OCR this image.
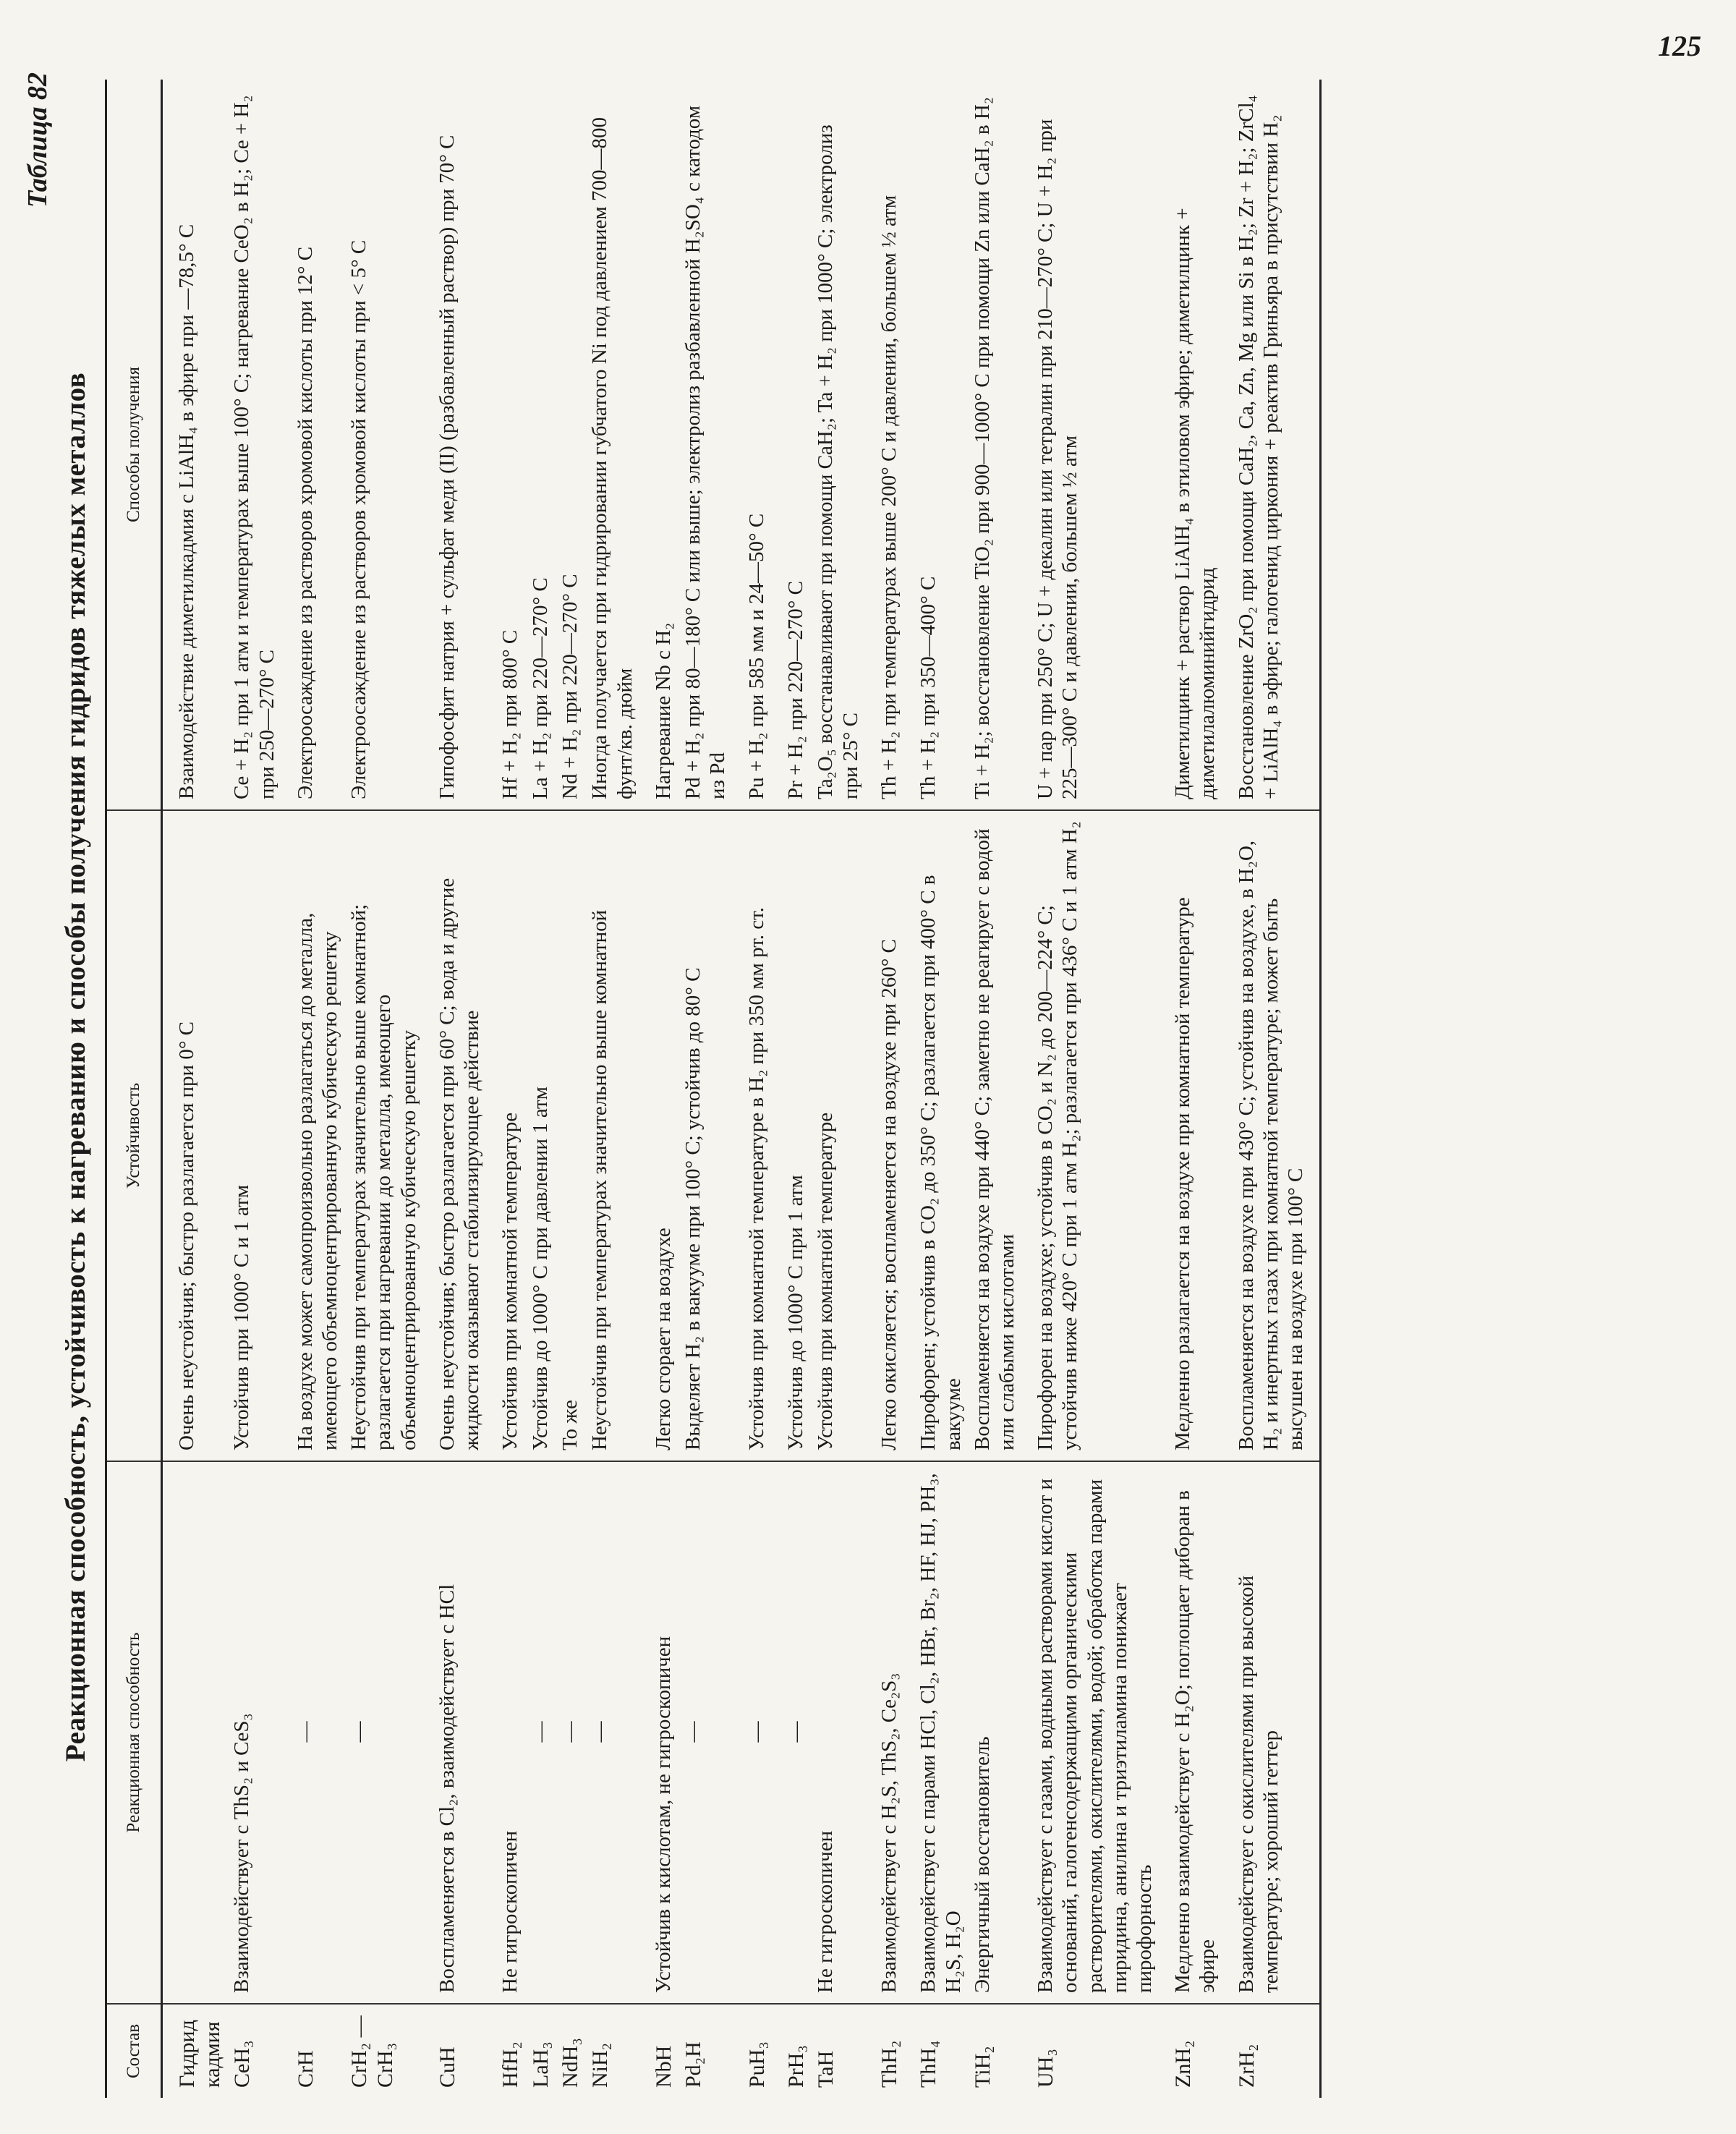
125
Таблица 82
Реакционная способность, устойчивость к нагреванию и способы получения гидридов тяжелых металлов
Состав	Реакционная способность	Устойчивость	Способы получения
Гидрид кадмия		Очень неустойчив; быстро разлагается при 0° С	Взаимодействие диметилкадмия с LiAlH₄ в эфире при —78,5° С
CeH₃	Взаимодействует с ThS₂ и CeS₃	Устойчив при 1000° С и 1 атм	Ce + H₂ при 1 атм и температурах выше 100° С; нагревание CeO₂ в H₂; Ce + H₂ при 250—270° С
CrH	—	На воздухе может самопроизвольно разлагаться до металла, имеющего объемноцентрированную кубическую решетку	Электроосаждение из растворов хромовой кислоты при 12° С
CrH₂ — CrH₃	—	Неустойчив при температурах значительно выше комнатной; разлагается при нагревании до металла, имеющего объемноцентрированную кубическую решетку	Электроосаждение из растворов хромовой кислоты при < 5° С
CuH	Воспламеняется в Cl₂, взаимодействует с HCl	Очень неустойчив; быстро разлагается при 60° С; вода и другие жидкости оказывают стабилизирующее действие	Гипофосфит натрия + сульфат меди (II) (разбавленный раствор) при 70° С
HfH₂	Не гигроскопичен	Устойчив при комнатной температуре	Hf + H₂ при 800° С
LaH₃	—	Устойчив до 1000° С при давлении 1 атм	La + H₂ при 220—270° С
NdH₃	—	То же	Nd + H₂ при 220—270° С
NiH₂	—	Неустойчив при температурах значительно выше комнатной	Иногда получается при гидрировании губчатого Ni под давлением 700—800 фунт/кв. дюйм
NbH	Устойчив к кислотам, не гигроскопичен	Легко сгорает на воздухе	Нагревание Nb с H₂
Pd₂H	—	Выделяет H₂ в вакууме при 100° С; устойчив до 80° С	Pd + H₂ при 80—180° С или выше; электролиз разбавленной H₂SO₄ с катодом из Pd
PuH₃	—	Устойчив при комнатной температуре в H₂ при 350 мм рт. ст.	Pu + H₂ при 585 мм и 24—50° С
PrH₃	—	Устойчив до 1000° С при 1 атм	Pr + H₂ при 220—270° С
TaH	Не гигроскопичен	Устойчив при комнатной температуре	Ta₂O₅ восстанавливают при помощи CaH₂; Ta + H₂ при 1000° С; электролиз при 25° С
ThH₂	Взаимодействует с H₂S, ThS₂, Ce₂S₃	Легко окисляется; воспламеняется на воздухе при 260° С	Th + H₂ при температурах выше 200° С и давлении, большем ½ атм
ThH₄	Взаимодействует с парами HCl, Cl₂, HBr, Br₂, HF, HJ, PH₃, H₂S, H₂O	Пирофорен; устойчив в CO₂ до 350° С; разлагается при 400° С в вакууме	Th + H₂ при 350—400° С
TiH₂	Энергичный восстановитель	Воспламеняется на воздухе при 440° С; заметно не реагирует с водой или слабыми кислотами	Ti + H₂; восстановление TiO₂ при 900—1000° С при помощи Zn или CaH₂ в H₂
UH₃	Взаимодействует с газами, водными растворами кислот и оснований, галогенсодержащими органическими растворителями, окислителями, водой; обработка парами пиридина, анилина и триэтиламина понижает пирофорность	Пирофорен на воздухе; устойчив в CO₂ и N₂ до 200—224° С; устойчив ниже 420° С при 1 атм H₂; разлагается при 436° С и 1 атм H₂	U + пар при 250° С; U + декалин или тетралин при 210—270° С; U + H₂ при 225—300° С и давлении, большем ½ атм
ZnH₂	Медленно взаимодействует с H₂O; поглощает диборан в эфире	Медленно разлагается на воздухе при комнатной температуре	Диметилцинк + раствор LiAlH₄ в этиловом эфире; диметилцинк + диметилалюминийгидрид
ZrH₂	Взаимодействует с окислителями при высокой температуре; хороший геттер	Воспламеняется на воздухе при 430° С; устойчив на воздухе, в H₂O, H₂ и инертных газах при комнатной температуре; может быть высушен на воздухе при 100° С	Восстановление ZrO₂ при помощи CaH₂, Ca, Zn, Mg или Si в H₂; Zr + H₂; ZrCl₄ + LiAlH₄ в эфире; галогенид циркония + реактив Гриньяра в присутствии H₂
